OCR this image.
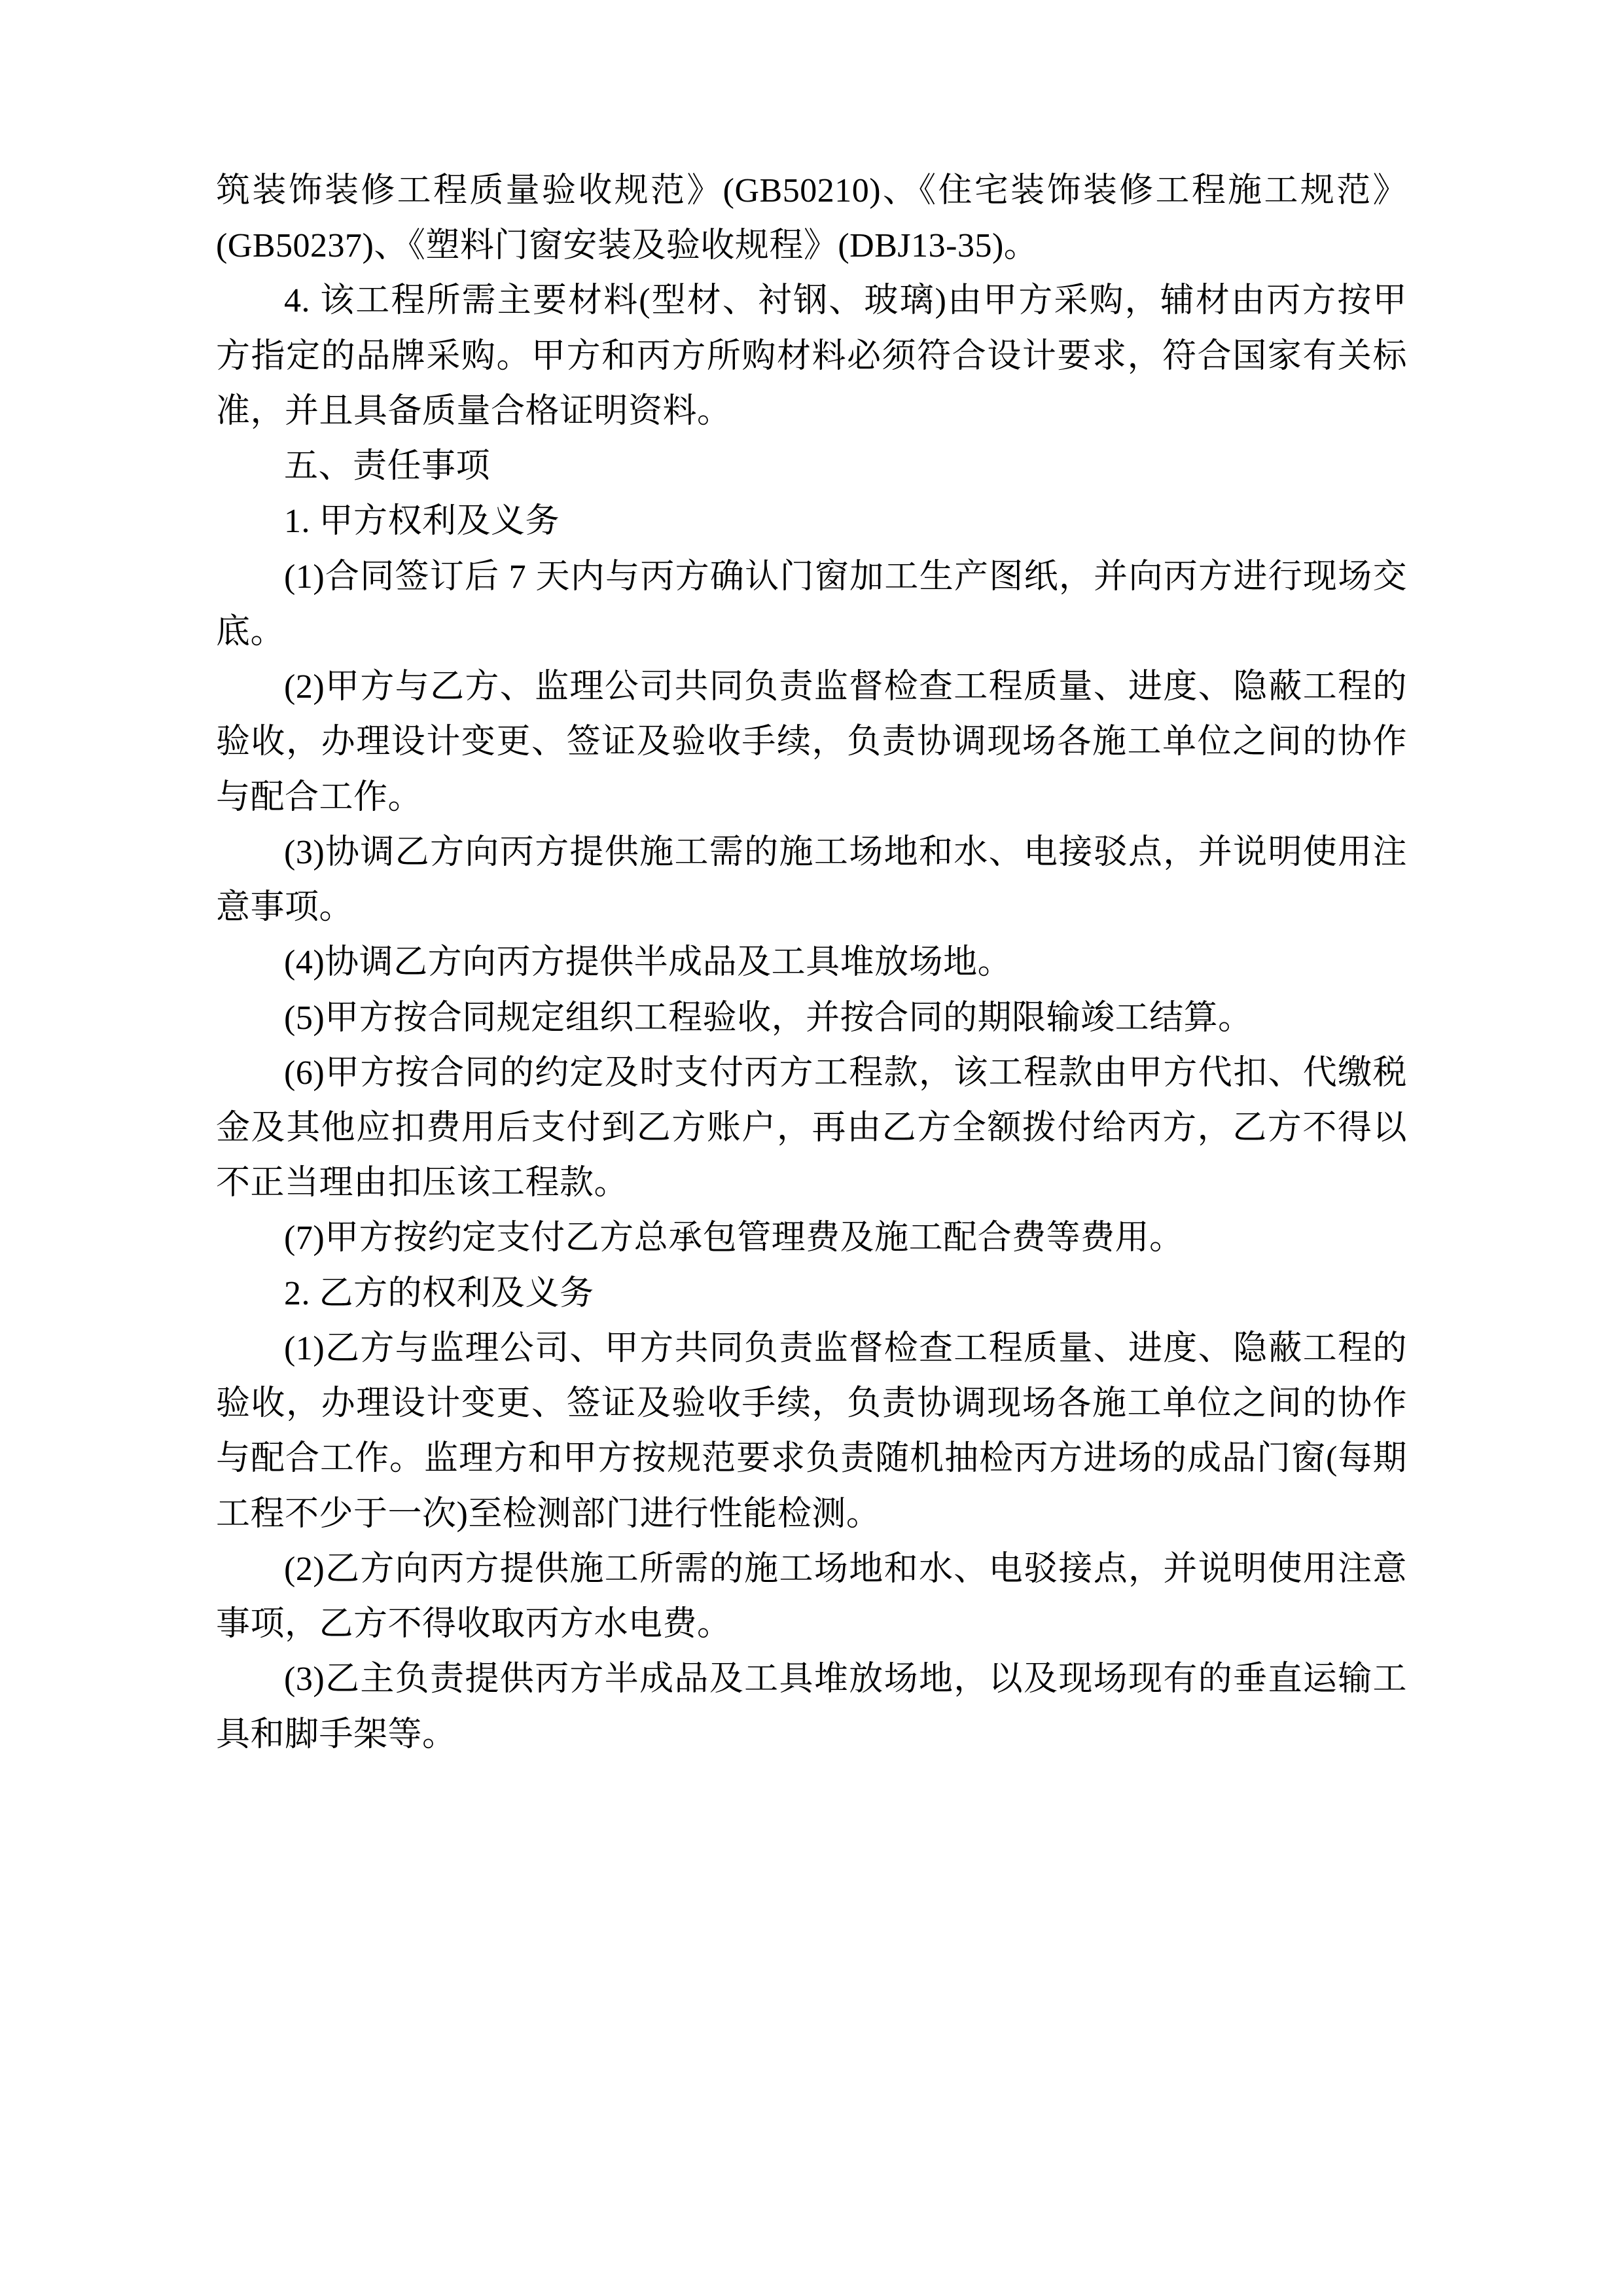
筑装饰装修工程质量验收规范》(GB50210)、《住宅装饰装修工程施工规范》(GB50237)、《塑料门窗安装及验收规程》(DBJ13-35)。

4. 该工程所需主要材料(型材、衬钢、玻璃)由甲方采购，辅材由丙方按甲方指定的品牌采购。甲方和丙方所购材料必须符合设计要求，符合国家有关标准，并且具备质量合格证明资料。

五、责任事项

1. 甲方权利及义务

(1)合同签订后 7 天内与丙方确认门窗加工生产图纸，并向丙方进行现场交底。

(2)甲方与乙方、监理公司共同负责监督检查工程质量、进度、隐蔽工程的验收，办理设计变更、签证及验收手续，负责协调现场各施工单位之间的协作与配合工作。

(3)协调乙方向丙方提供施工需的施工场地和水、电接驳点，并说明使用注意事项。

(4)协调乙方向丙方提供半成品及工具堆放场地。

(5)甲方按合同规定组织工程验收，并按合同的期限输竣工结算。

(6)甲方按合同的约定及时支付丙方工程款，该工程款由甲方代扣、代缴税金及其他应扣费用后支付到乙方账户，再由乙方全额拨付给丙方，乙方不得以不正当理由扣压该工程款。

(7)甲方按约定支付乙方总承包管理费及施工配合费等费用。

2. 乙方的权利及义务

(1)乙方与监理公司、甲方共同负责监督检查工程质量、进度、隐蔽工程的验收，办理设计变更、签证及验收手续，负责协调现场各施工单位之间的协作与配合工作。监理方和甲方按规范要求负责随机抽检丙方进场的成品门窗(每期工程不少于一次)至检测部门进行性能检测。

(2)乙方向丙方提供施工所需的施工场地和水、电驳接点，并说明使用注意事项，乙方不得收取丙方水电费。

(3)乙主负责提供丙方半成品及工具堆放场地，以及现场现有的垂直运输工具和脚手架等。
